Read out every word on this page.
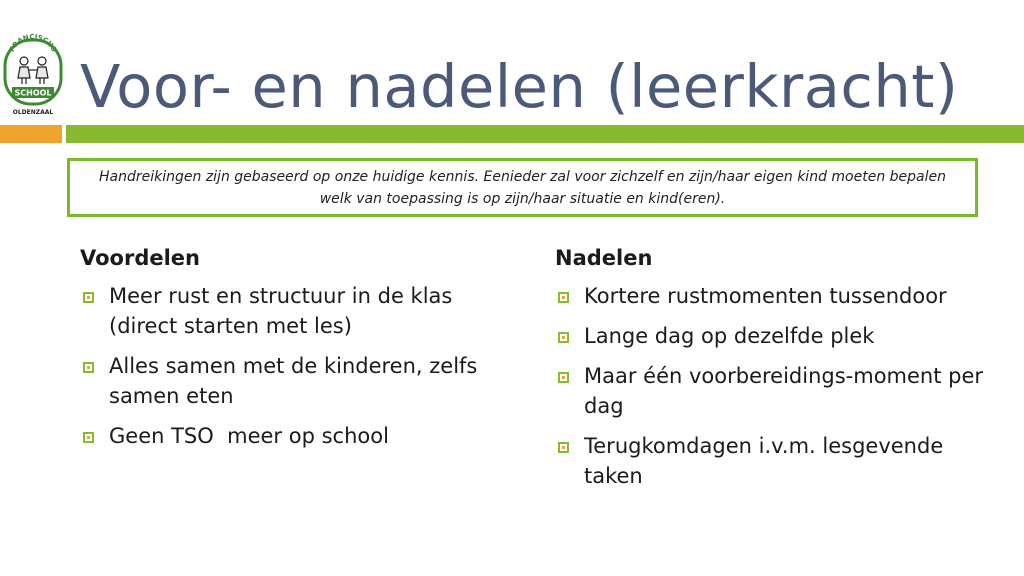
FRANCISCUS
SCHOOL
OLDENZAAL Voor- en nadelen (leerkracht)
Handreikingen zijn gebaseerd op onze huidige kennis. Eenieder zal voor zichzelf en zijn/haar eigen kind moeten bepalen welk van toepassing is op zijn/haar situatie en kind(eren).
Voordelen
Meer rust en structuur in de klas (direct starten met les)
Alles samen met de kinderen, zelfs samen eten
Geen TSO  meer op school
Nadelen
Kortere rustmomenten tussendoor
Lange dag op dezelfde plek
Maar één voorbereidings-moment per dag
Terugkomdagen i.v.m. lesgevende taken
